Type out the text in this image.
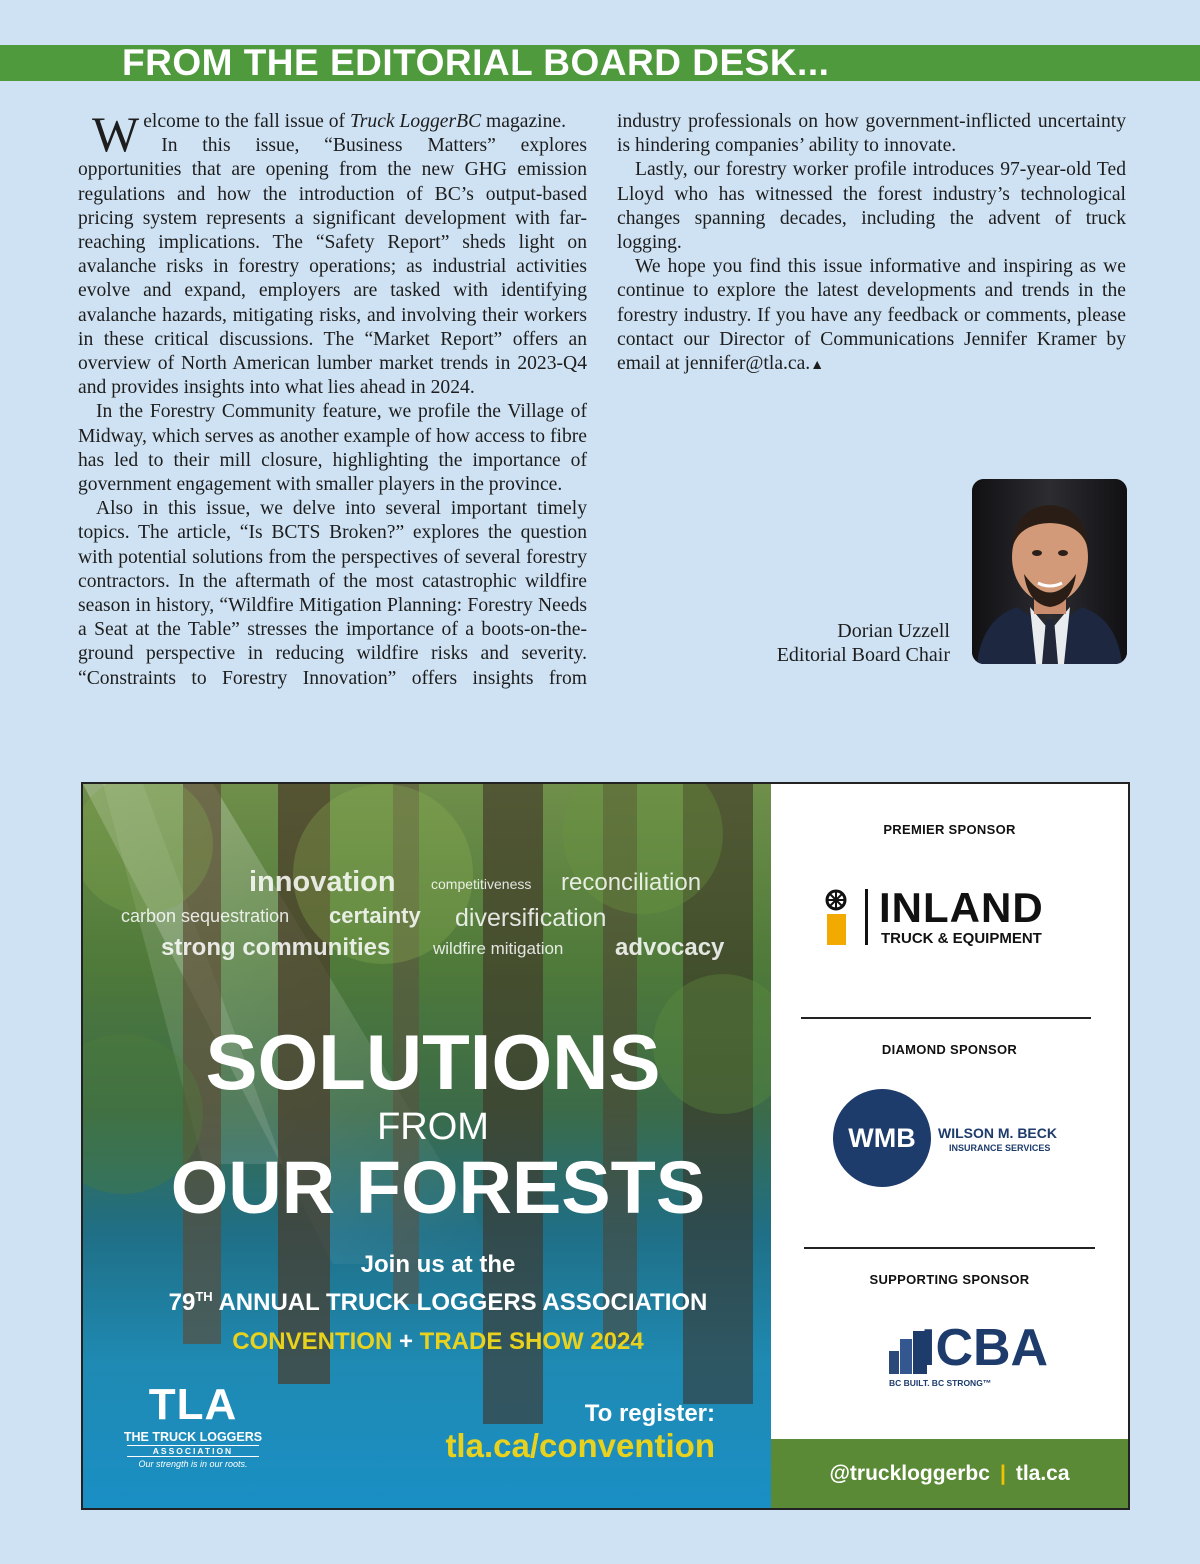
FROM THE EDITORIAL BOARD DESK...

Welcome to the fall issue of Truck LoggerBC magazine.

In this issue, “Business Matters” explores opportunities that are opening from the new GHG emission regulations and how the introduction of BC’s output-based pricing system represents a significant development with far-reaching implications. The “Safety Report” sheds light on avalanche risks in forestry operations; as industrial activities evolve and expand, employers are tasked with identifying avalanche hazards, mitigating risks, and involving their workers in these critical discussions. The “Market Report” offers an overview of North American lumber market trends in 2023-Q4 and provides insights into what lies ahead in 2024.

In the Forestry Community feature, we profile the Village of Midway, which serves as another example of how access to fibre has led to their mill closure, highlighting the importance of government engagement with smaller players in the province.

Also in this issue, we delve into several important timely topics. The article, “Is BCTS Broken?” explores the question with potential solutions from the perspectives of several forestry contractors. In the aftermath of the most catastrophic wildfire season in history, “Wildfire Mitigation Planning: Forestry Needs a Seat at the Table” stresses the importance of a boots-on-the-ground perspective in reducing wildfire risks and severity. “Constraints to Forestry Innovation” offers insights from industry professionals on how government-inflicted uncertainty is hindering companies’ ability to innovate.

Lastly, our forestry worker profile introduces 97-year-old Ted Lloyd who has witnessed the forest industry’s technological changes spanning decades, including the advent of truck logging.

We hope you find this issue informative and inspiring as we continue to explore the latest developments and trends in the forestry industry. If you have any feedback or comments, please contact our Director of Communications Jennifer Kramer by email at jennifer@tla.ca.▲

Dorian Uzzell
Editorial Board Chair
innovation	competitiveness reconciliation
carbon sequestration certainty diversification
strong communities	wildfire mitigation advocacy
SOLUTIONS
FROM
OUR FORESTS
Join us at the
79TH ANNUAL TRUCK LOGGERS ASSOCIATION
CONVENTION + TRADE SHOW 2024
To register:
tla.ca/convention
TLA
THE TRUCK LOGGERS
ASSOCIATION
Our strength is in our roots.
PREMIER SPONSOR
INLAND
TRUCK & EQUIPMENT
DIAMOND SPONSOR
WMB	WILSON M. BECK
INSURANCE SERVICES
SUPPORTING SPONSOR
ICBA
BC BUILT. BC STRONG™
@truckloggerbc | tla.ca
